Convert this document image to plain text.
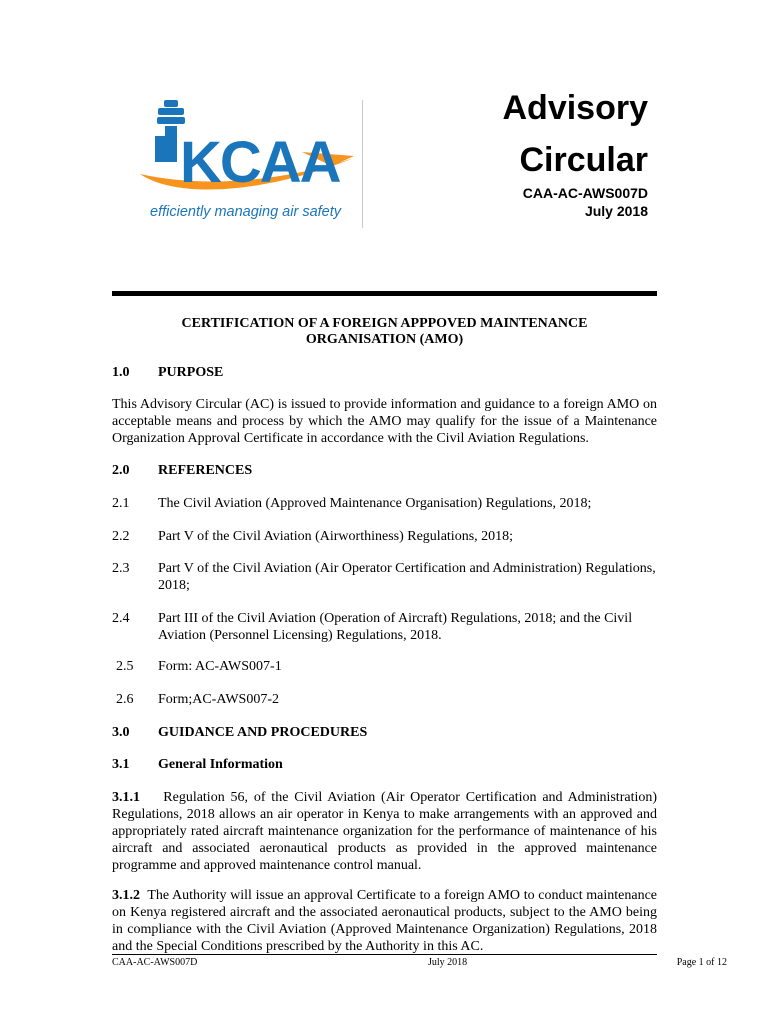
KCAA
efficiently managing air safety
Advisory
Circular
CAA-AC-AWS007D
July 2018
CERTIFICATION OF A FOREIGN APPPOVED MAINTENANCE
ORGANISATION (AMO)
1.0 PURPOSE
This Advisory Circular (AC) is issued to provide information and guidance to a foreign AMO on acceptable means and process by which the AMO may qualify for the issue of a Maintenance Organization Approval Certificate in accordance with the Civil Aviation Regulations.
2.0 REFERENCES
2.1 The Civil Aviation (Approved Maintenance Organisation) Regulations, 2018;
2.2 Part V of the Civil Aviation (Airworthiness) Regulations, 2018;
2.3 Part V of the Civil Aviation (Air Operator Certification and Administration) Regulations, 2018;
2.4 Part III of the Civil Aviation (Operation of Aircraft) Regulations, 2018; and the Civil Aviation (Personnel Licensing) Regulations, 2018.
2.5 Form: AC-AWS007-1
2.6 Form;AC-AWS007-2
3.0 GUIDANCE AND PROCEDURES
3.1 General Information
3.1.1 Regulation 56, of the Civil Aviation (Air Operator Certification and Administration) Regulations, 2018 allows an air operator in Kenya to make arrangements with an approved and appropriately rated aircraft maintenance organization for the performance of maintenance of his aircraft and associated aeronautical products as provided in the approved maintenance programme and approved maintenance control manual.
3.1.2 The Authority will issue an approval Certificate to a foreign AMO to conduct maintenance on Kenya registered aircraft and the associated aeronautical products, subject to the AMO being in compliance with the Civil Aviation (Approved Maintenance Organization) Regulations, 2018 and the Special Conditions prescribed by the Authority in this AC.
CAA-AC-AWS007D	July 2018	Page 1 of 12
